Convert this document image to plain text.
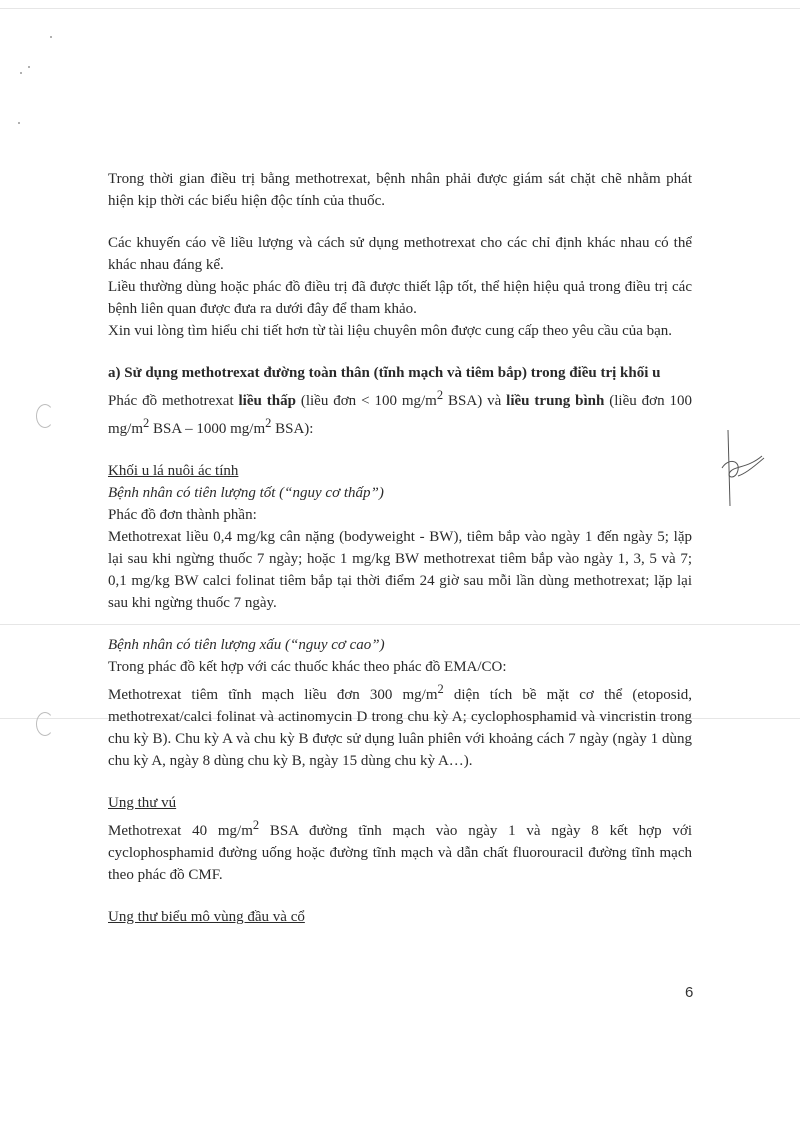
Trong thời gian điều trị bằng methotrexat, bệnh nhân phải được giám sát chặt chẽ nhằm phát hiện kịp thời các biểu hiện độc tính của thuốc.

Các khuyến cáo về liều lượng và cách sử dụng methotrexat cho các chỉ định khác nhau có thể khác nhau đáng kể.

Liều thường dùng hoặc phác đồ điều trị đã được thiết lập tốt, thể hiện hiệu quả trong điều trị các bệnh liên quan được đưa ra dưới đây để tham khảo.

Xin vui lòng tìm hiểu chi tiết hơn từ tài liệu chuyên môn được cung cấp theo yêu cầu của bạn.

a) Sử dụng methotrexat đường toàn thân (tĩnh mạch và tiêm bắp) trong điều trị khối u

Phác đồ methotrexat liều thấp (liều đơn < 100 $mg/m^2$ BSA) và liều trung bình (liều đơn 100 $mg/m^2$ BSA – 1000 $mg/m^2$ BSA):

Khối u lá nuôi ác tính

Bệnh nhân có tiên lượng tốt (“nguy cơ thấp”)

Phác đồ đơn thành phần:

Methotrexat liều 0,4 mg/kg cân nặng (bodyweight - BW), tiêm bắp vào ngày 1 đến ngày 5; lặp lại sau khi ngừng thuốc 7 ngày; hoặc 1 mg/kg BW methotrexat tiêm bắp vào ngày 1, 3, 5 và 7; 0,1 mg/kg BW calci folinat tiêm bắp tại thời điểm 24 giờ sau mỗi lần dùng methotrexat; lặp lại sau khi ngừng thuốc 7 ngày.

Bệnh nhân có tiên lượng xấu (“nguy cơ cao”)

Trong phác đồ kết hợp với các thuốc khác theo phác đồ EMA/CO:

Methotrexat tiêm tĩnh mạch liều đơn 300 $mg/m^2$ diện tích bề mặt cơ thể (etoposid, methotrexat/calci folinat và actinomycin D trong chu kỳ A; cyclophosphamid và vincristin trong chu kỳ B). Chu kỳ A và chu kỳ B được sử dụng luân phiên với khoảng cách 7 ngày (ngày 1 dùng chu kỳ A, ngày 8 dùng chu kỳ B, ngày 15 dùng chu kỳ A…).

Ung thư vú

Methotrexat 40 $mg/m^2$ BSA đường tĩnh mạch vào ngày 1 và ngày 8 kết hợp với cyclophosphamid đường uống hoặc đường tĩnh mạch và dẫn chất fluorouracil đường tĩnh mạch theo phác đồ CMF.

Ung thư biểu mô vùng đầu và cổ

6
